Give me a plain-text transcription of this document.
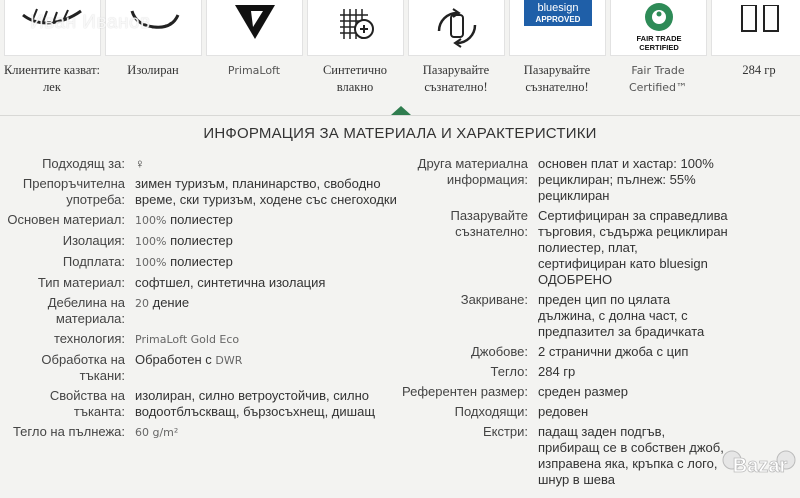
bluesign
APPROVED
FAIR TRADE
CERTIFIED
Иван Иванов
Клиентите казват: лек
Изолиран	PrimaLoft	Синтетично влакно
Пазарувайте съзнателно!
Пазарувайте съзнателно!
Fair Trade Certified™
284 гр
ИНФОРМАЦИЯ ЗА МАТЕРИАЛА И ХАРАКТЕРИСТИКИ
Подходящ за: ♀
Препоръчителна употреба:
зимен туризъм, планинарство, свободно време, ски туризъм, ходене със снегоходки
Основен материал: 100% полиестер
Изолация: 100% полиестер
Подплата: 100% полиестер
Тип материал: софтшел, синтетична изолация
Дебелина на материала:
20 дение
технология: PrimaLoft Gold Eco
Обработка на тъкани:
Обработен с DWR
Свойства на тъканта:
изолиран, силно ветроустойчив, силно водоотблъскващ, бързосъхнещ, дишащ
Тегло на пълнежа: 60 g/m²
Друга материална информация:
основен плат и хастар: 100% рециклиран; пълнеж: 55% рециклиран
Пазарувайте съзнателно:
Сертифициран за справедлива търговия, съдържа рециклиран полиестер, плат, сертифициран като bluesign ОДОБРЕНО
Закриване: преден цип по цялата дължина, с долна част, с предпазител за брадичката
Джобове: 2 странични джоба с цип
Тегло: 284 гр
Референтен размер: среден размер
Подходящи: редовен
Екстри: падащ заден подгъв, прибиращ се в собствен джоб, изправена яка, кръпка с лого, шнур в шева
Bazar
